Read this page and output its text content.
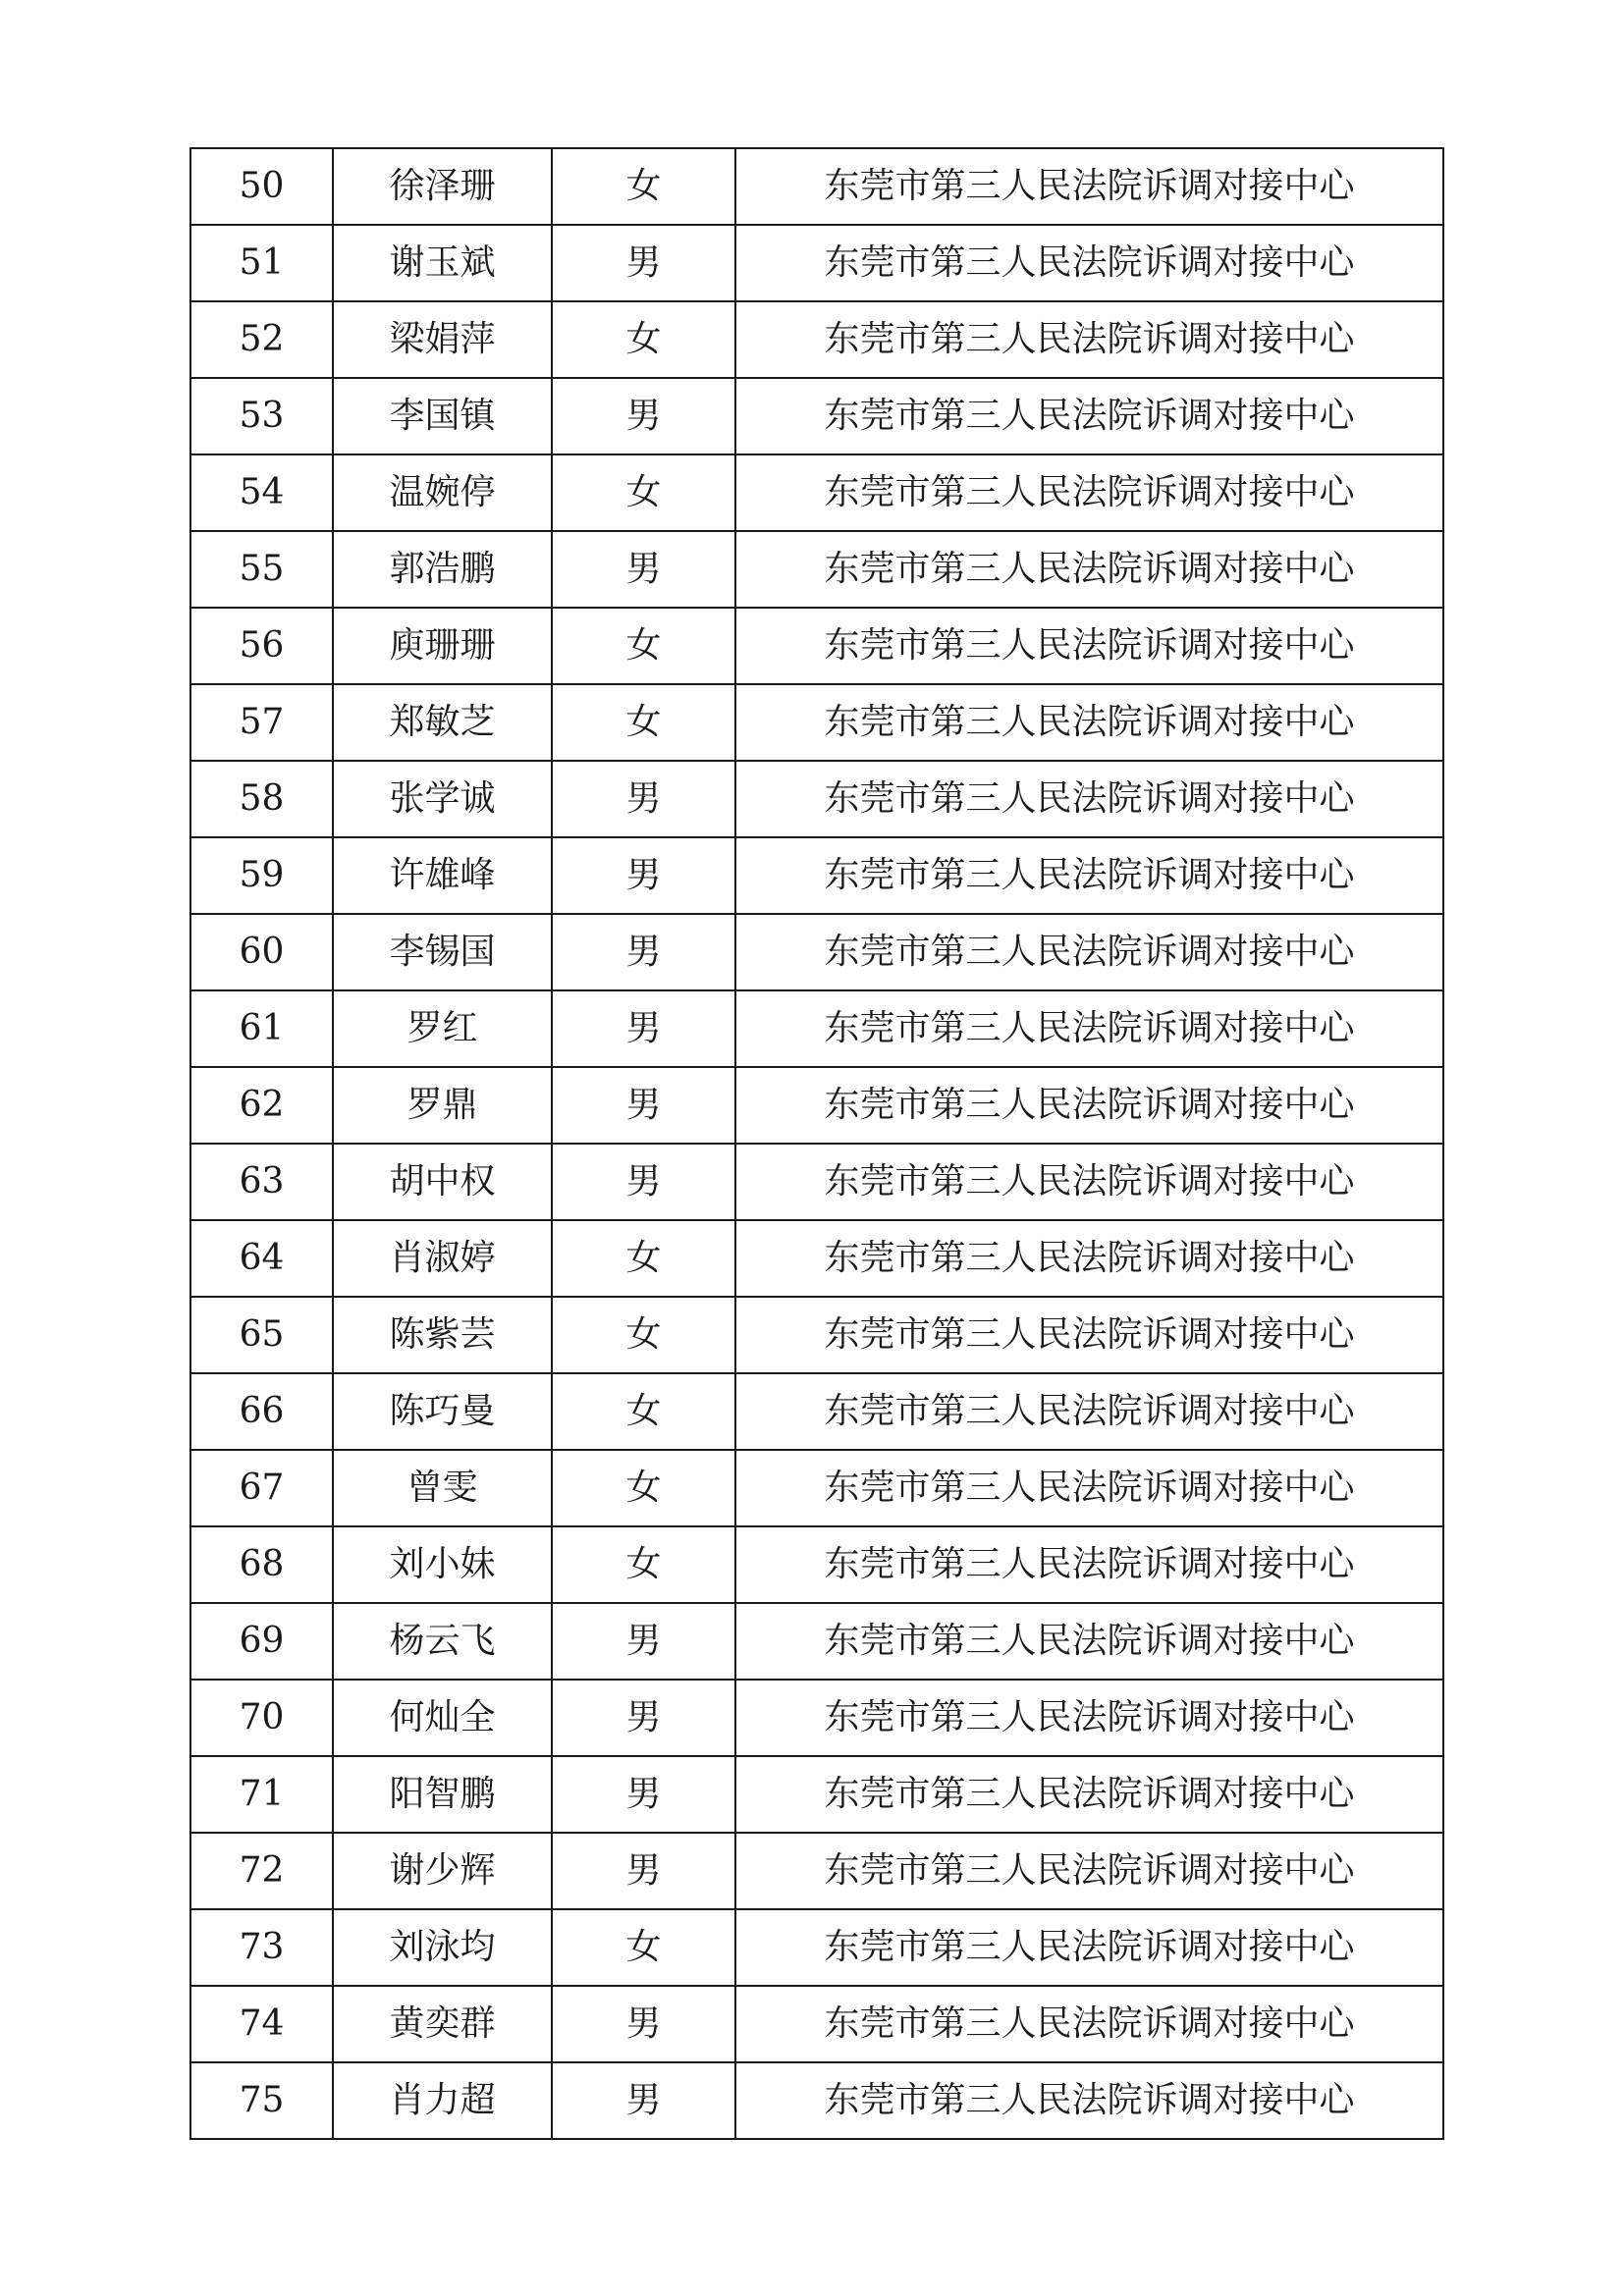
50	徐泽珊	女	东莞市第三人民法院诉调对接中心
51	谢玉斌	男	东莞市第三人民法院诉调对接中心
52	梁娟萍	女	东莞市第三人民法院诉调对接中心
53	李国镇	男	东莞市第三人民法院诉调对接中心
54	温婉停	女	东莞市第三人民法院诉调对接中心
55	郭浩鹏	男	东莞市第三人民法院诉调对接中心
56	庾珊珊	女	东莞市第三人民法院诉调对接中心
57	郑敏芝	女	东莞市第三人民法院诉调对接中心
58	张学诚	男	东莞市第三人民法院诉调对接中心
59	许雄峰	男	东莞市第三人民法院诉调对接中心
60	李锡国	男	东莞市第三人民法院诉调对接中心
61	罗红	男	东莞市第三人民法院诉调对接中心
62	罗鼎	男	东莞市第三人民法院诉调对接中心
63	胡中权	男	东莞市第三人民法院诉调对接中心
64	肖淑婷	女	东莞市第三人民法院诉调对接中心
65	陈紫芸	女	东莞市第三人民法院诉调对接中心
66	陈巧曼	女	东莞市第三人民法院诉调对接中心
67	曾雯	女	东莞市第三人民法院诉调对接中心
68	刘小妹	女	东莞市第三人民法院诉调对接中心
69	杨云飞	男	东莞市第三人民法院诉调对接中心
70	何灿全	男	东莞市第三人民法院诉调对接中心
71	阳智鹏	男	东莞市第三人民法院诉调对接中心
72	谢少辉	男	东莞市第三人民法院诉调对接中心
73	刘泳均	女	东莞市第三人民法院诉调对接中心
74	黄奕群	男	东莞市第三人民法院诉调对接中心
75	肖力超	男	东莞市第三人民法院诉调对接中心
